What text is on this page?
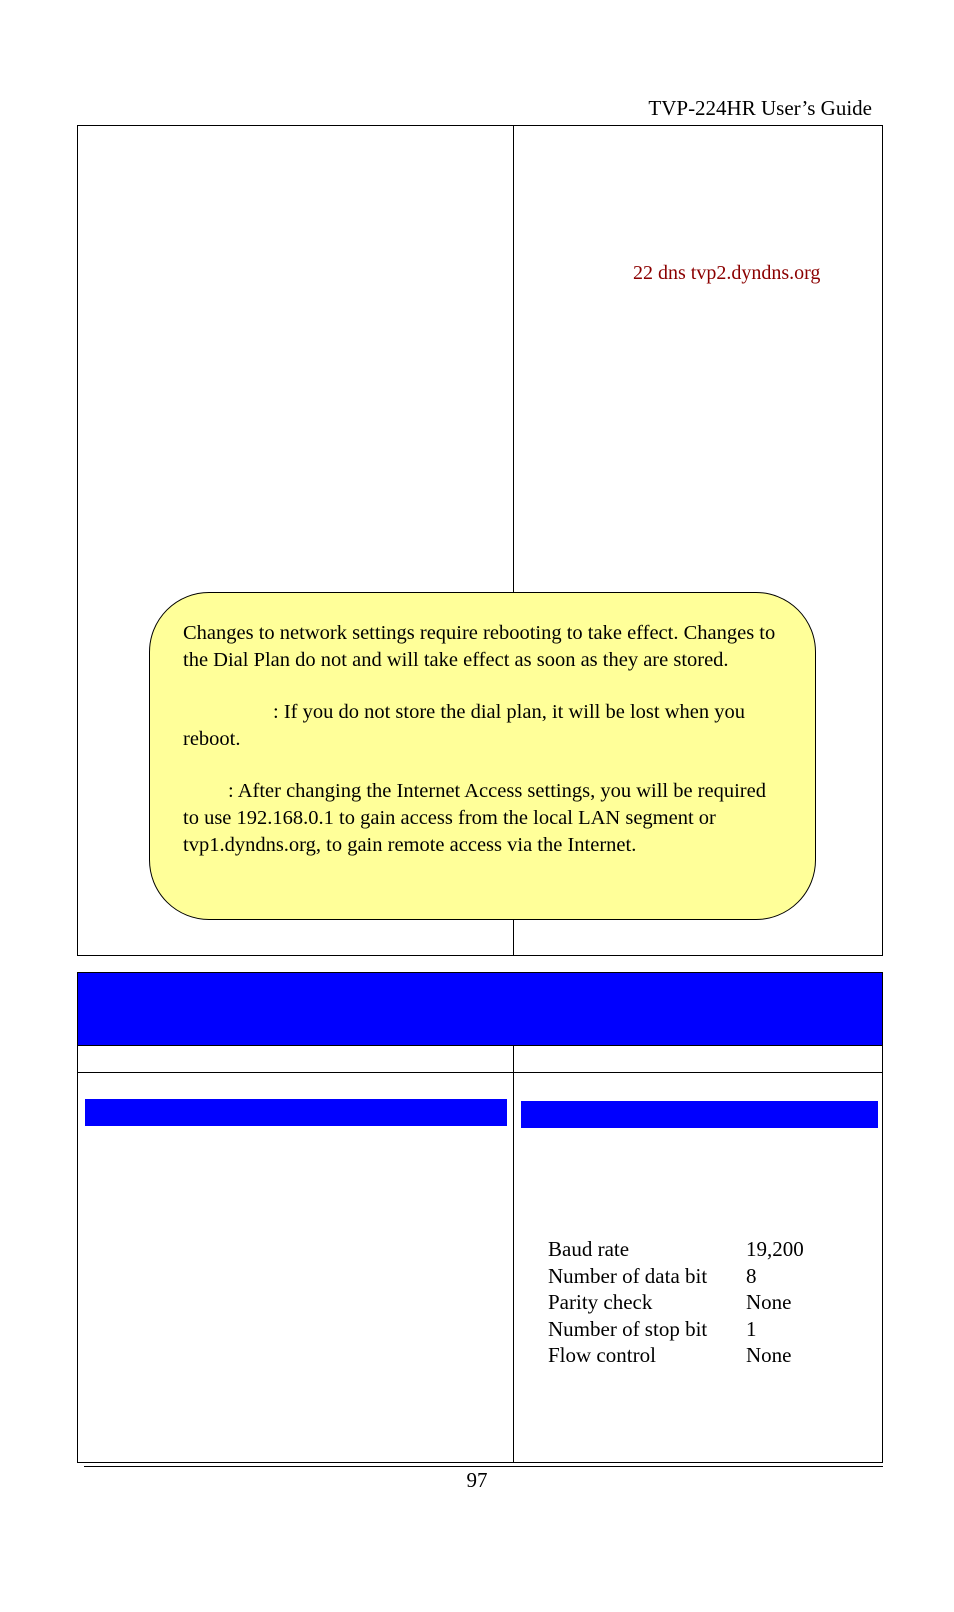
TVP-224HR User’s Guide
22 dns tvp2.dyndns.org

Changes to network settings require rebooting to take effect. Changes to the Dial Plan do not and will take effect as soon as they are stored.

: If you do not store the dial plan, it will be lost when you reboot.

: After changing the Internet Access settings, you will be required to use 192.168.0.1 to gain access from the local LAN segment or tvp1.dyndns.org, to gain remote access via the Internet.

Baud rate	19,200
Number of data bit	8
Parity check	None
Number of stop bit	1
Flow control	None
97
